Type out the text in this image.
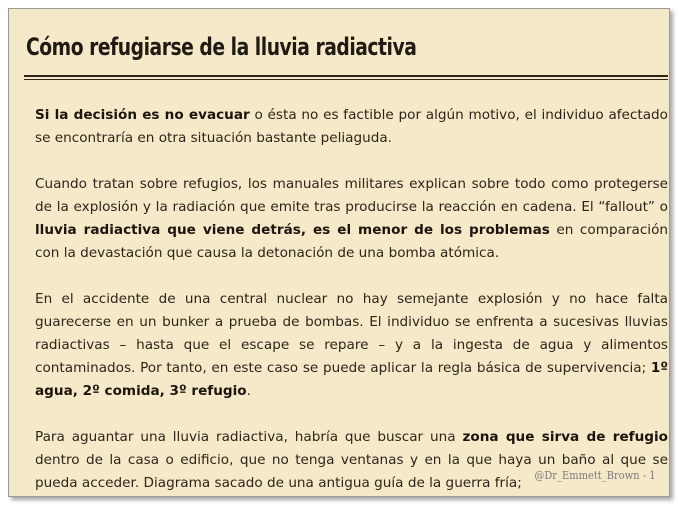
Cómo refugiarse de la lluvia radiactiva

Si la decisión es no evacuar o ésta no es factible por algún motivo, el individuo afectado se encontraría en otra situación bastante peliaguda.

Cuando tratan sobre refugios, los manuales militares explican sobre todo como protegerse de la explosión y la radiación que emite tras producirse la reacción en cadena. El “fallout” o lluvia radiactiva que viene detrás, es el menor de los problemas en comparación con la devastación que causa la detonación de una bomba atómica.

En el accidente de una central nuclear no hay semejante explosión y no hace falta guarecerse en un bunker a prueba de bombas. El individuo se enfrenta a sucesivas lluvias radiactivas – hasta que el escape se repare – y a la ingesta de agua y alimentos contaminados. Por tanto, en este caso se puede aplicar la regla básica de supervivencia; 1º agua, 2º comida, 3º refugio.

Para aguantar una lluvia radiactiva, habría que buscar una zona que sirva de refugio dentro de la casa o edificio, que no tenga ventanas y en la que haya un baño al que se pueda acceder. Diagrama sacado de una antigua guía de la guerra fría;	@Dr_Emmett_Brown - 1
